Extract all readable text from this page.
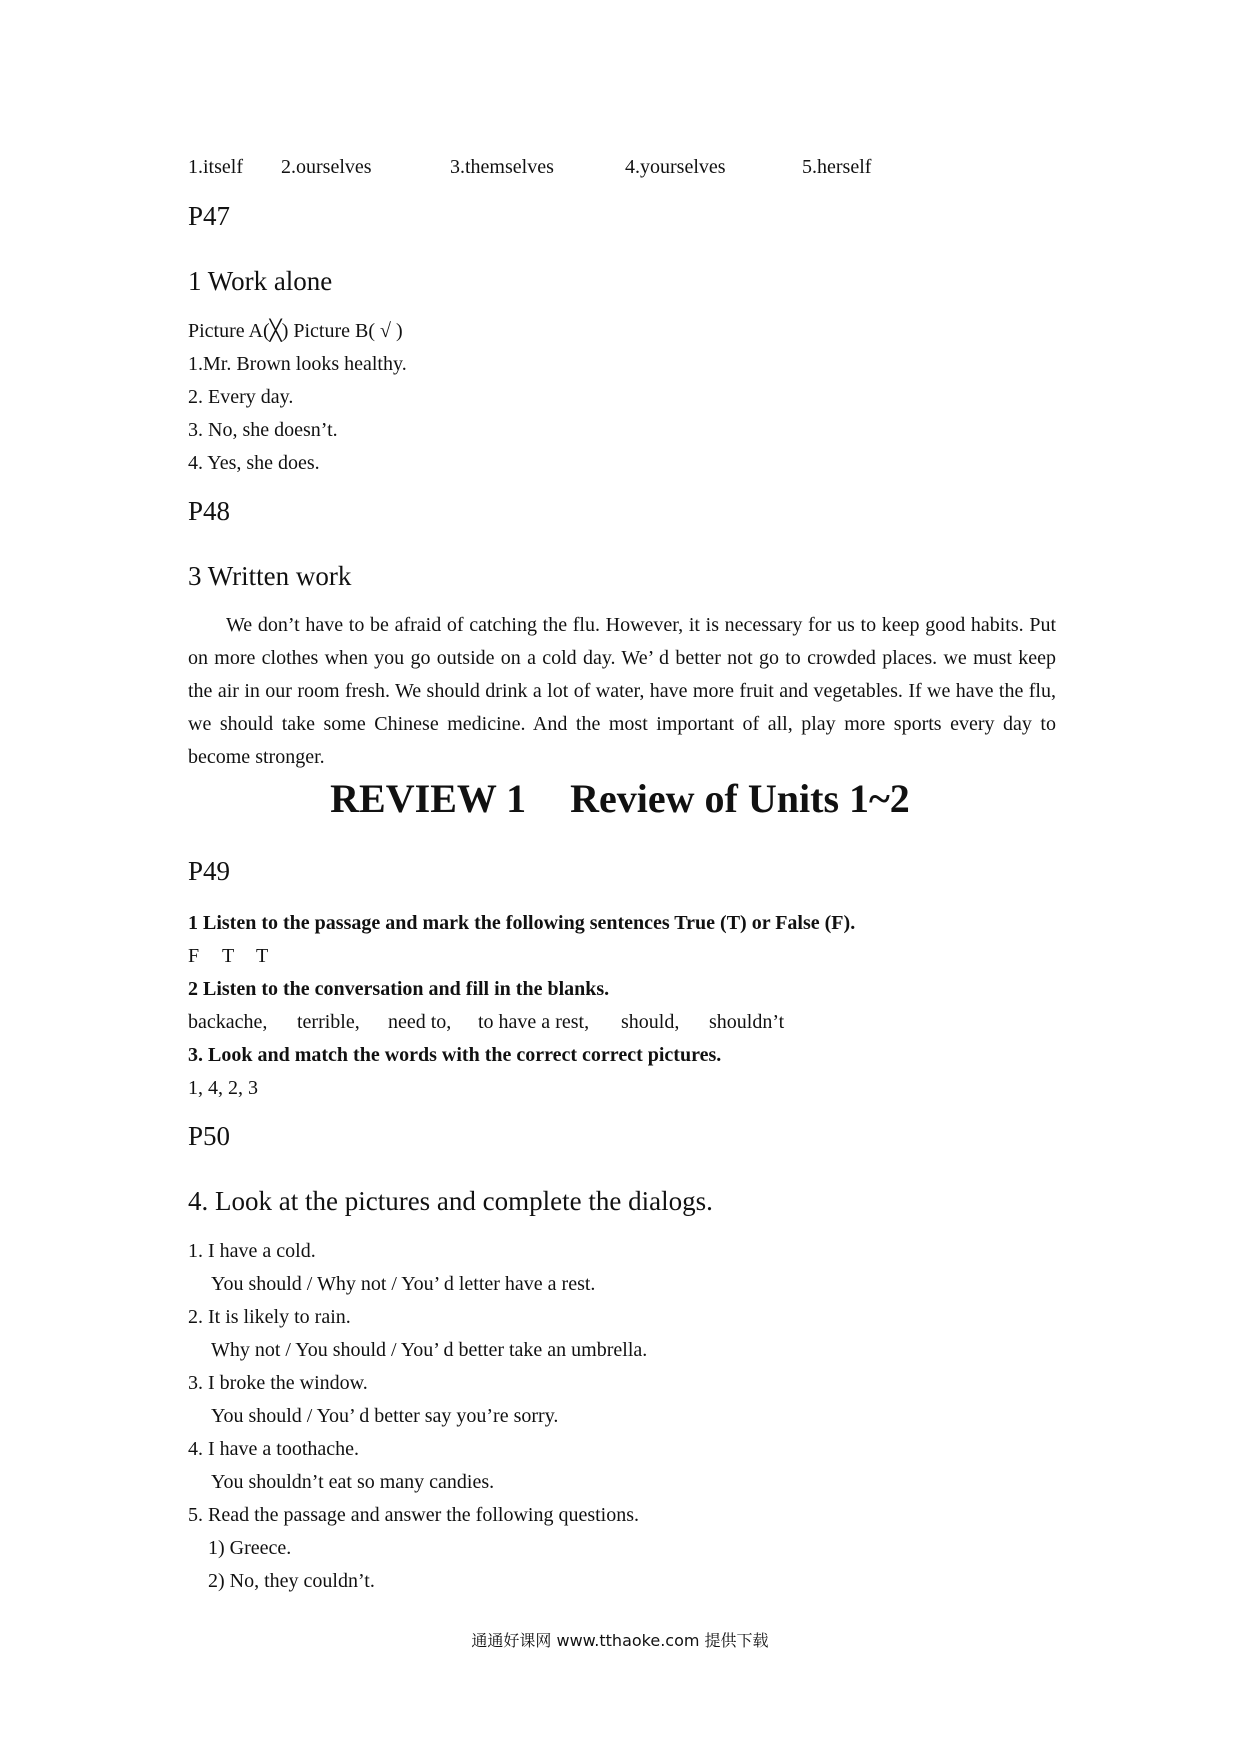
1.itself 2.ourselves	3.themselves	4.yourselves	5.herself
P47
1 Work alone
Picture A(╳) Picture B( √ )
1.Mr. Brown looks healthy.
2. Every day.
3. No, she doesn’t.
4. Yes, she does.
P48
3 Written work
We don’t have to be afraid of catching the flu. However, it is necessary for us to keep good habits. Put on more clothes when you go outside on a cold day. We’ d better not go to crowded places. we must keep the air in our room fresh. We should drink a lot of water, have more fruit and vegetables. If we have the flu, we should take some Chinese medicine. And the most important of all, play more sports every day to become stronger.
REVIEW 1 Review of Units 1~2
P49
1 Listen to the passage and mark the following sentences True (T) or False (F).
F T T
2 Listen to the conversation and fill in the blanks.
backache, terrible, need to, to have a rest, should, shouldn’t
3. Look and match the words with the correct correct pictures.
1, 4, 2, 3
P50
4. Look at the pictures and complete the dialogs.
1. I have a cold.
You should / Why not / You’ d letter have a rest.
2. It is likely to rain.
Why not / You should / You’ d better take an umbrella.
3. I broke the window.
You should / You’ d better say you’re sorry.
4. I have a toothache.
You shouldn’t eat so many candies.
5. Read the passage and answer the following questions.
1) Greece.
2) No, they couldn’t.
通通好课网 www.tthaoke.com 提供下载
